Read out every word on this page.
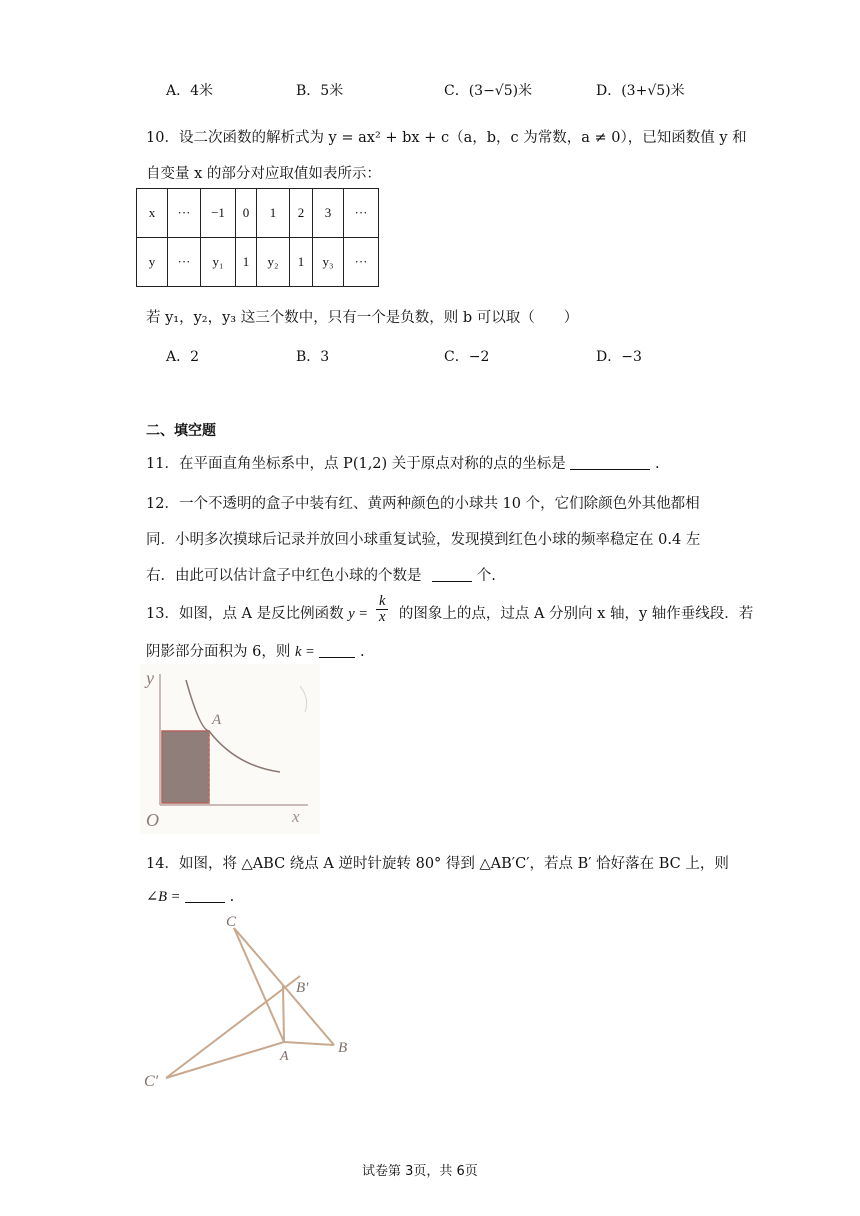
A．4米	B．5米	C．(3−√5)米	D．(3+√5)米
10．设二次函数的解析式为 y = ax² + bx + c（a，b，c 为常数，a ≠ 0），已知函数值 y 和
自变量 x 的部分对应取值如表所示：
x	···	−1	0	1	2	3	···
y	···	y₁	1	y₂	1	y₃	···
若 y₁，y₂，y₃ 这三个数中，只有一个是负数，则 b 可以取（　　）
A．2	B．3	C．−2	D．−3
二、填空题
11．在平面直角坐标系中，点 P(1,2) 关于原点对称的点的坐标是	.
12．一个不透明的盒子中装有红、黄两种颜色的小球共 10 个，它们除颜色外其他都相
同．小明多次摸球后记录并放回小球重复试验，发现摸到红色小球的频率稳定在 0.4 左
右．由此可以估计盒子中红色小球的个数是	个.
13．如图，点 A 是反比例函数 $y = \frac{k}{x}$ 的图象上的点，过点 A 分别向 x 轴，y 轴作垂线段．若
阴影部分面积为 6，则 k =	.
y
A
O	x
14．如图，将 △ABC 绕点 A 逆时针旋转 80° 得到 △AB′C′，若点 B′ 恰好落在 BC 上，则
∠B =	.
C
B′
A
B
C′
试卷第 3页，共 6页
